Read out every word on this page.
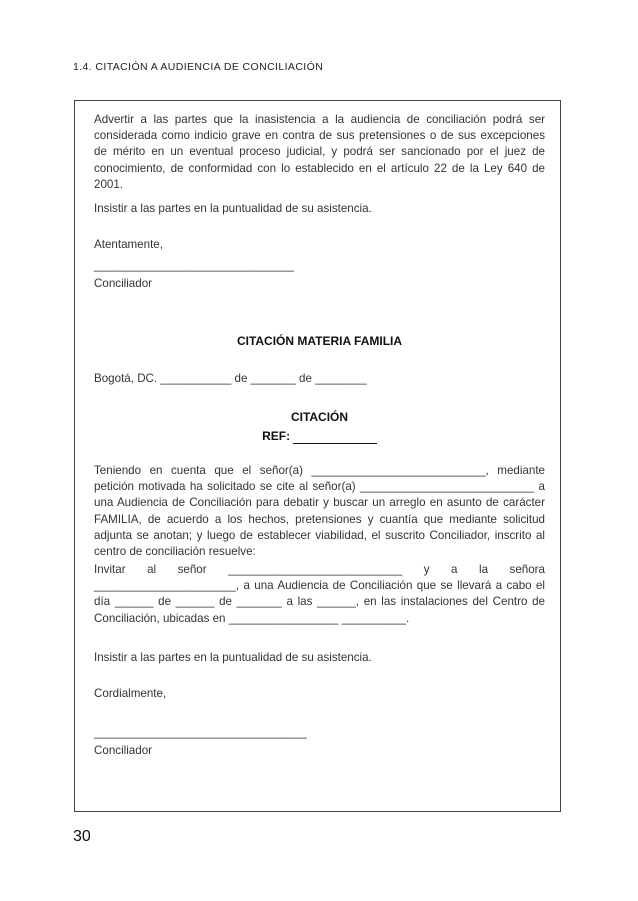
1.4. CITACIÓN A AUDIENCIA DE CONCILIACIÓN

Advertir a las partes que la inasistencia a la audiencia de conciliación podrá ser considerada como indicio grave en contra de sus pretensiones o de sus excepciones de mérito en un eventual proceso judicial, y podrá ser sancionado por el juez de conocimiento, de conformidad con lo establecido en el artículo 22 de la Ley 640 de 2001.

Insistir a las partes en la puntualidad de su asistencia.

Atentamente,

_______________________________

Conciliador

CITACIÓN MATERIA FAMILIA

Bogotá, DC. ___________ de _______ de ________

CITACIÓN
REF:

Teniendo en cuenta que el señor(a) ___________________________, mediante petición motivada ha solicitado se cite al señor(a) ___________________________ a una Audiencia de Conciliación para debatir y buscar un arreglo en asunto de carácter FAMILIA, de acuerdo a los hechos, pretensiones y cuantía que mediante solicitud adjunta se anotan; y luego de establecer viabilidad, el suscrito Conciliador, inscrito al centro de conciliación resuelve:

Invitar al señor ___________________________ y a la señora ______________________, a una Audiencia de Conciliación que se llevará a cabo el día ______ de ______ de _______ a las ______, en las instalaciones del Centro de Conciliación, ubicadas en _________________ __________.

Insistir a las partes en la puntualidad de su asistencia.

Cordialmente,

_________________________________

Conciliador

30
